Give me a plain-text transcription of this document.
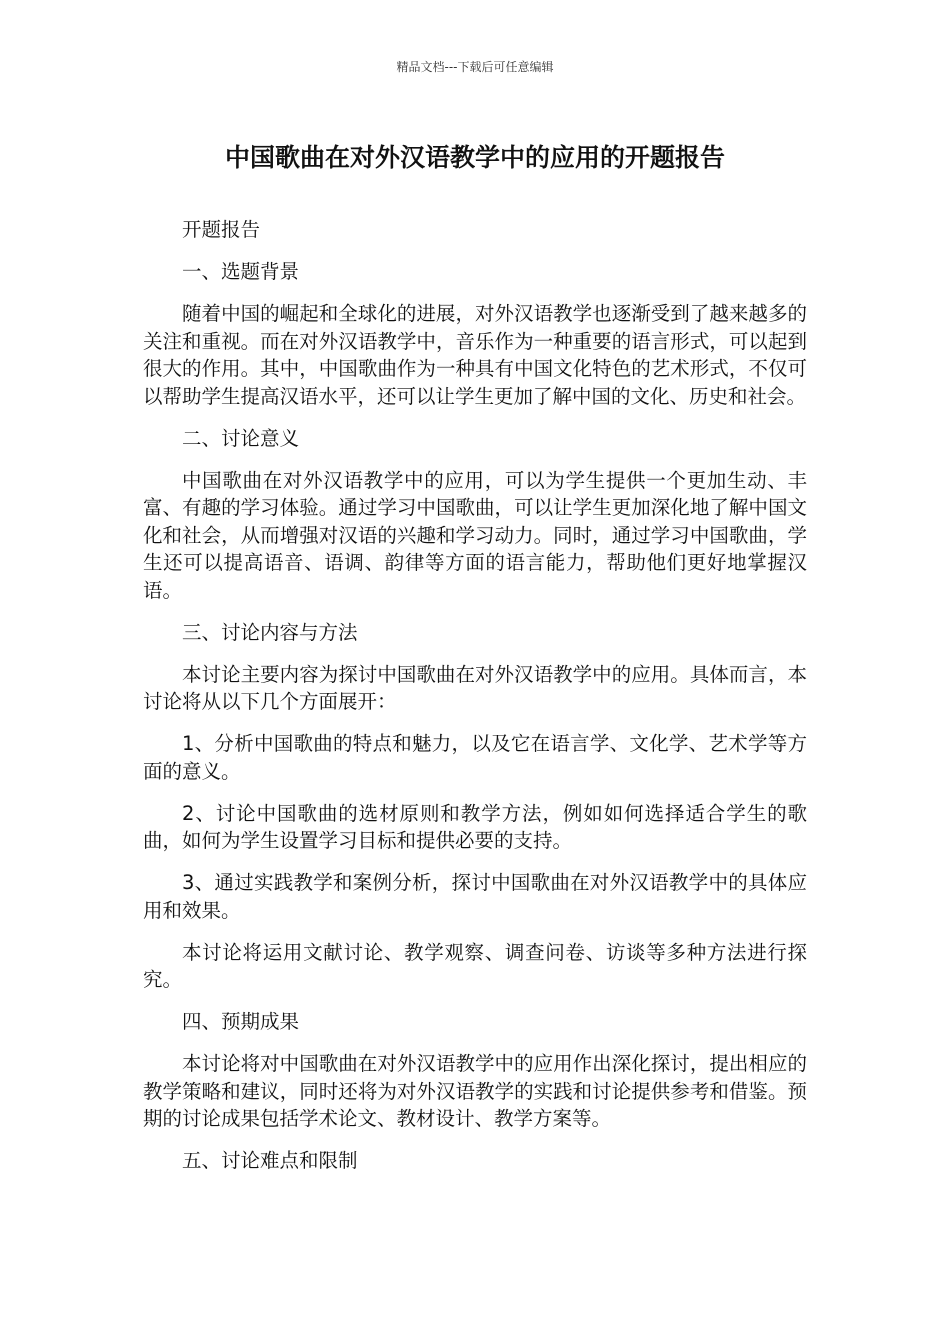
精品文档---下载后可任意编辑
中国歌曲在对外汉语教学中的应用的开题报告

开题报告

一、选题背景

随着中国的崛起和全球化的进展，对外汉语教学也逐渐受到了越来越多的关注和重视。而在对外汉语教学中，音乐作为一种重要的语言形式，可以起到很大的作用。其中，中国歌曲作为一种具有中国文化特色的艺术形式，不仅可以帮助学生提高汉语水平，还可以让学生更加了解中国的文化、历史和社会。

二、讨论意义

中国歌曲在对外汉语教学中的应用，可以为学生提供一个更加生动、丰富、有趣的学习体验。通过学习中国歌曲，可以让学生更加深化地了解中国文化和社会，从而增强对汉语的兴趣和学习动力。同时，通过学习中国歌曲，学生还可以提高语音、语调、韵律等方面的语言能力，帮助他们更好地掌握汉语。

三、讨论内容与方法

本讨论主要内容为探讨中国歌曲在对外汉语教学中的应用。具体而言，本讨论将从以下几个方面展开：

1、分析中国歌曲的特点和魅力，以及它在语言学、文化学、艺术学等方面的意义。

2、讨论中国歌曲的选材原则和教学方法，例如如何选择适合学生的歌曲，如何为学生设置学习目标和提供必要的支持。

3、通过实践教学和案例分析，探讨中国歌曲在对外汉语教学中的具体应用和效果。

本讨论将运用文献讨论、教学观察、调查问卷、访谈等多种方法进行探究。

四、预期成果

本讨论将对中国歌曲在对外汉语教学中的应用作出深化探讨，提出相应的教学策略和建议，同时还将为对外汉语教学的实践和讨论提供参考和借鉴。预期的讨论成果包括学术论文、教材设计、教学方案等。

五、讨论难点和限制
